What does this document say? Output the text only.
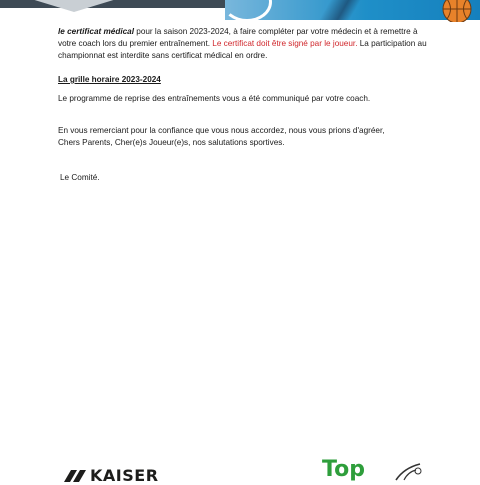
le certificat médical pour la saison 2023-2024, à faire compléter par votre médecin et à remettre à votre coach lors du premier entraînement. Le certificat doit être signé par le joueur. La participation au championnat est interdite sans certificat médical en ordre.
La grille horaire 2023-2024
Le programme de reprise des entraînements vous a été communiqué par votre coach.
En vous remerciant pour la confiance que vous nous accordez, nous vous prions d'agréer,
Chers Parents, Cher(e)s Joueur(e)s, nos salutations sportives.
Le Comité.
KAISER	Top
